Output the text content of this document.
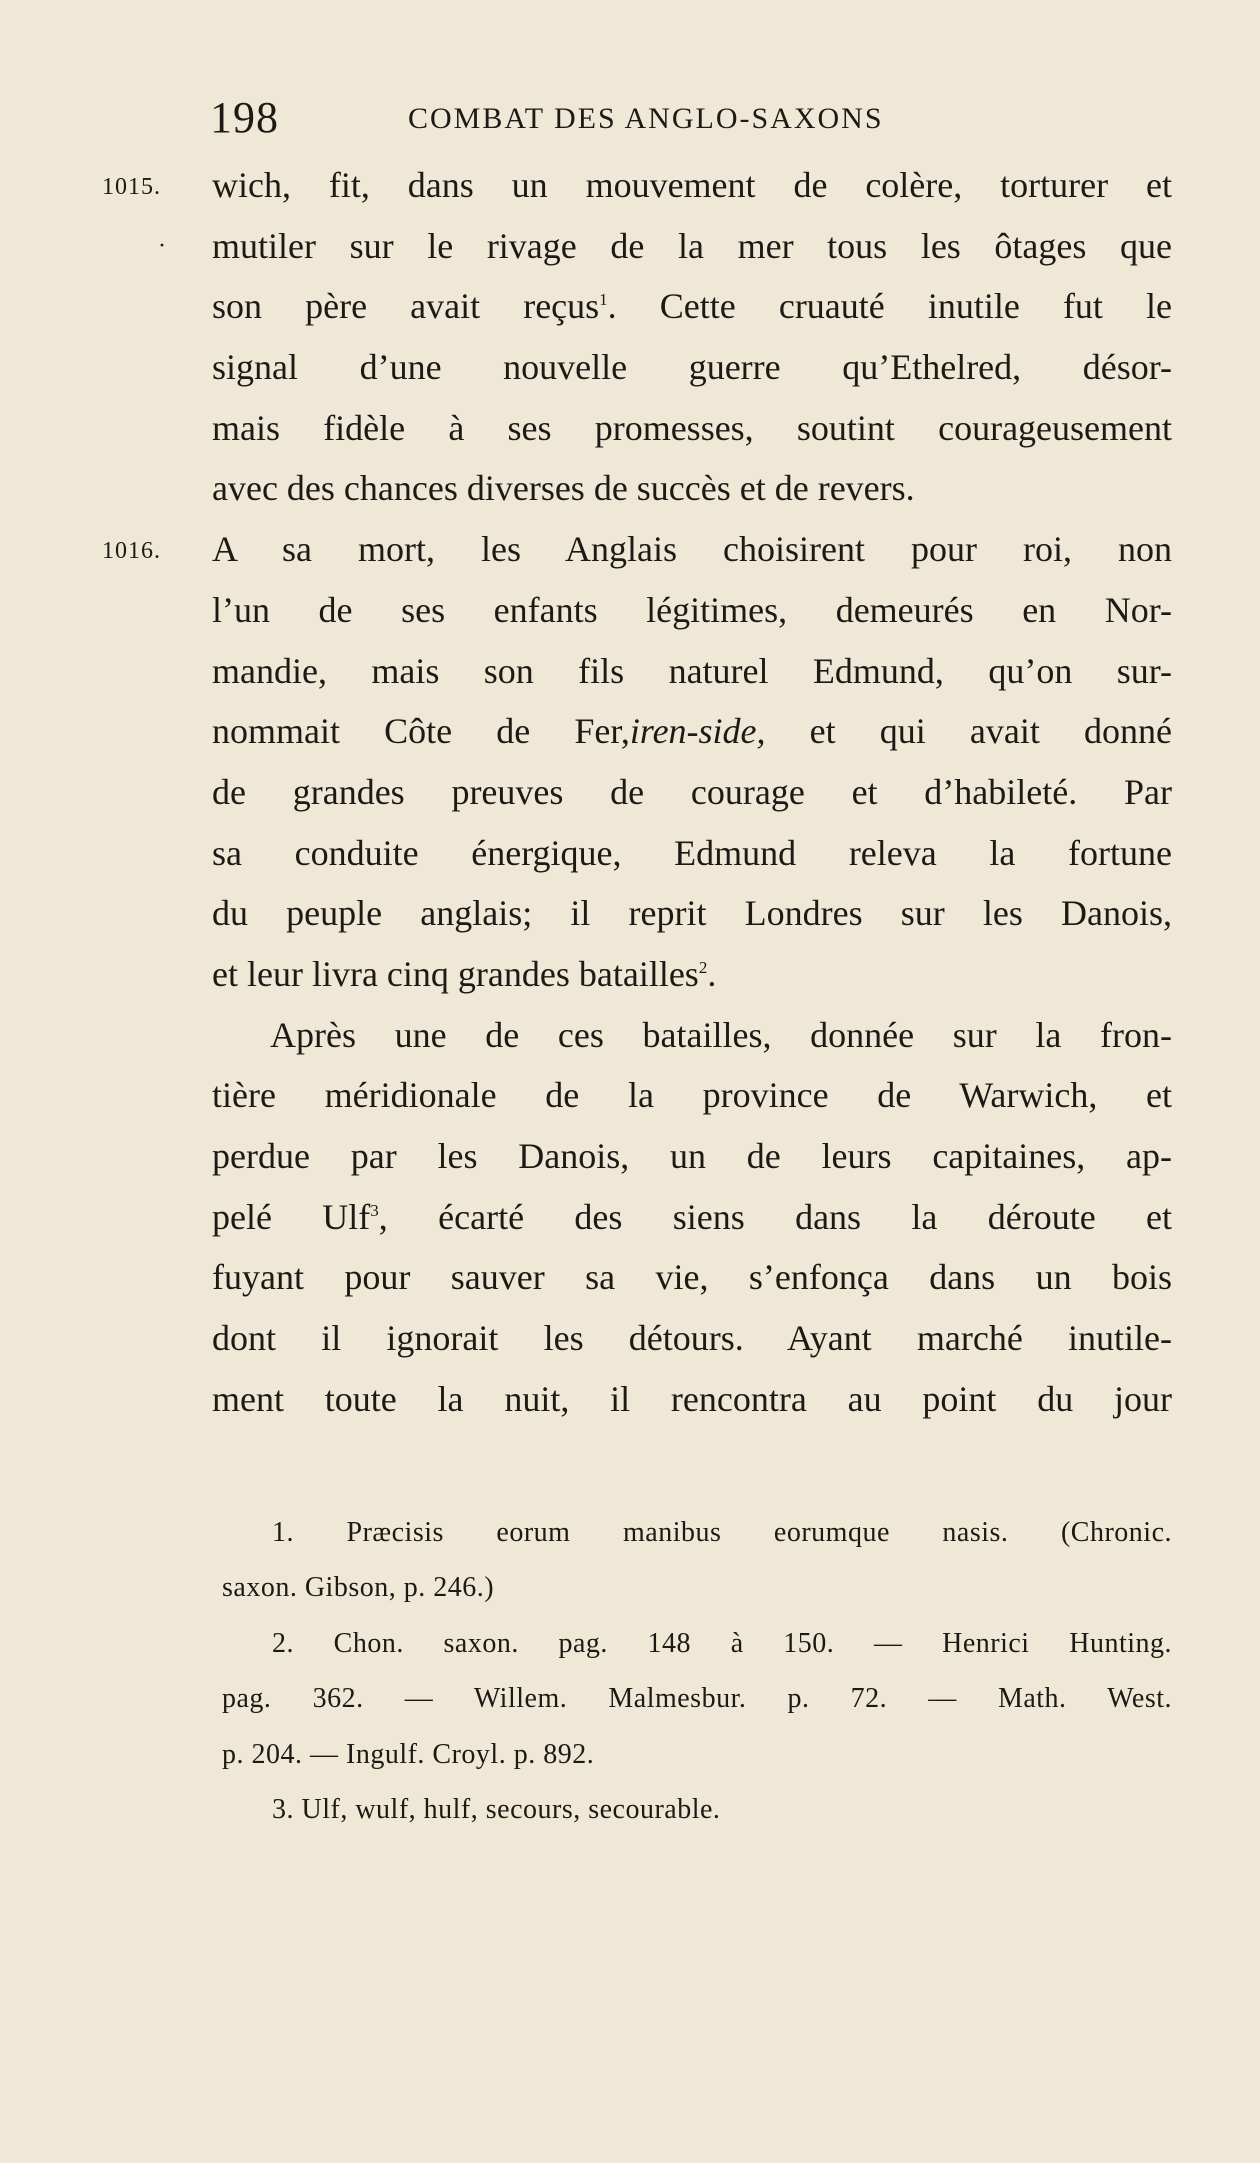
198	COMBAT DES ANGLO-SAXONS
1015. wich, fit, dans un mouvement de colère, torturer et
· mutiler sur le rivage de la mer tous les ôtages que
son père avait reçus$^1$. Cette cruauté inutile fut le
signal d’une nouvelle guerre qu’Ethelred, désor-
mais fidèle à ses promesses, soutint courageusement
avec des chances diverses de succès et de revers.
1016. A sa mort, les Anglais choisirent pour roi, non
l’un de ses enfants légitimes, demeurés en Nor-
mandie, mais son fils naturel Edmund, qu’on sur-
nommait Côte de Fer,iren-side, et qui avait donné
de grandes preuves de courage et d’habileté. Par
sa conduite énergique, Edmund releva la fortune
du peuple anglais; il reprit Londres sur les Danois,
et leur livra cinq grandes batailles$^2$.
Après une de ces batailles, donnée sur la fron-
tière méridionale de la province de Warwich, et
perdue par les Danois, un de leurs capitaines, ap-
pelé Ulf$^3$, écarté des siens dans la déroute et
fuyant pour sauver sa vie, s’enfonça dans un bois
dont il ignorait les détours. Ayant marché inutile-
ment toute la nuit, il rencontra au point du jour
1. Præcisis eorum manibus eorumque nasis. (Chronic.
saxon. Gibson, p. 246.)
2. Chon. saxon. pag. 148 à 150. — Henrici Hunting.
pag. 362. — Willem. Malmesbur. p. 72. — Math. West.
p. 204. — Ingulf. Croyl. p. 892.
3. Ulf, wulf, hulf, secours, secourable.
